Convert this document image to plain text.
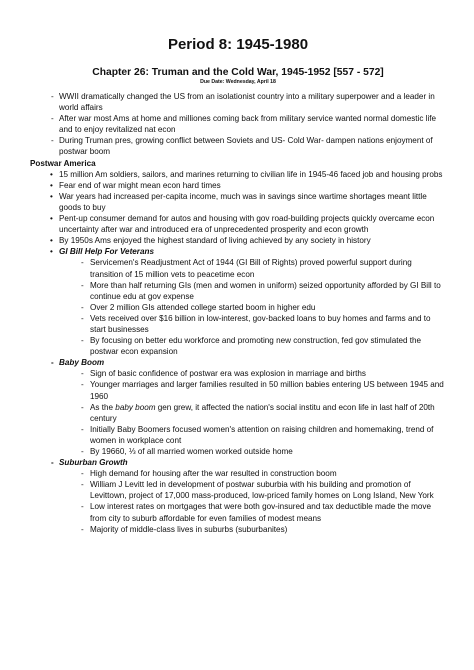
Period 8: 1945-1980
Chapter 26: Truman and the Cold War, 1945-1952 [557 - 572]
Due Date: Wednesday, April 18
- WWII dramatically changed the US from an isolationist country into a military superpower and a leader in world affairs
- After war most Ams at home and milliones coming back from military service wanted normal domestic life and to enjoy revitalized nat econ
- During Truman pres, growing conflict between Soviets and US- Cold War- dampen nations enjoyment of postwar boom
Postwar America
• 15 million Am soldiers, sailors, and marines returning to civilian life in 1945-46 faced job and housing probs
• Fear end of war might mean econ hard times
• War years had increased per-capita income, much was in savings since wartime shortages meant little goods to buy
• Pent-up consumer demand for autos and housing with gov road-building projects quickly overcame econ uncertainty after war and introduced era of unprecedented prosperity and econ growth
• By 1950s Ams enjoyed the highest standard of living achieved by any society in history
• GI Bill Help For Veterans
- Servicemen's Readjustment Act of 1944 (GI Bill of Rights) proved powerful support during transition of 15 million vets to peacetime econ
- More than half returning GIs (men and women in uniform) seized opportunity afforded by GI Bill to continue edu at gov expense
- Over 2 million GIs attended college started boom in higher edu
- Vets received over $16 billion in low-interest, gov-backed loans to buy homes and farms and to start businesses
- By focusing on better edu workforce and promoting new construction, fed gov stimulated the postwar econ expansion
- Baby Boom
- Sign of basic confidence of postwar era was explosion in marriage and births
- Younger marriages and larger families resulted in 50 million babies entering US between 1945 and 1960
- As the baby boom gen grew, it affected the nation's social institu and econ life in last half of 20th century
- Initially Baby Boomers focused women's attention on raising children and homemaking, trend of women in workplace cont
- By 19660, ⅓ of all married women worked outside home
- Suburban Growth
- High demand for housing after the war resulted in construction boom
- William J Levitt led in development of postwar suburbia with his building and promotion of Levittown, project of 17,000 mass-produced, low-priced family homes on Long Island, New York
- Low interest rates on mortgages that were both gov-insured and tax deductible made the move from city to suburb affordable for even families of modest means
- Majority of middle-class lives in suburbs (suburbanites)
